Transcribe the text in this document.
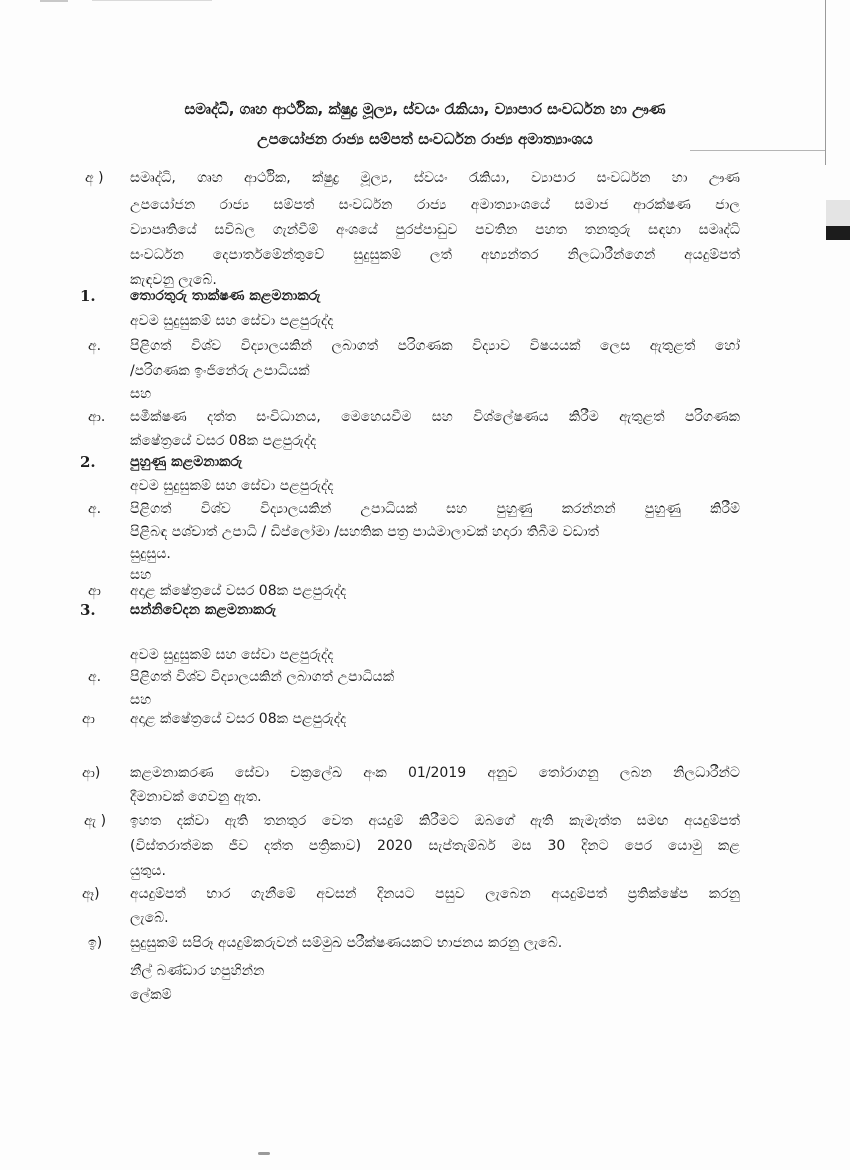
සමෘද්ධි, ගෘහ ආර්ථික, ක්ෂුද්‍ර මූල්‍ය, ස්වයං රැකියා, ව්‍යාපාර සංවර්ධන හා ඌණ
උපයෝජන රාජ්‍ය සම්පත් සංවර්ධන රාජ්‍ය අමාත්‍යාංශය
අ ) සමෘද්ධි, ගෘහ ආර්ථික, ක්ෂුද්‍ර මූල්‍ය, ස්වයං රැකියා, ව්‍යාපාර සංවර්ධන හා ඌණ
උපයෝජන රාජ්‍ය සම්පත් සංවර්ධන රාජ්‍ය අමාත්‍යාංශයේ සමාජ ආරක්ෂණ ජාල
ව්‍යාපෘතියේ සවිබල ගැන්වීම් අංශයේ පුරප්පාඩුව පවතින පහත තනතුරු සඳහා සමෘද්ධි
සංවර්ධන දෙපාර්තමේන්තුවේ සුදුසුකම් ලත් අභ්‍යන්තර නිලධාරීන්ගෙන් අයදුම්පත්
කැඳවනු ලැබේ.
1. තොරතුරු තාක්ෂණ කළමනාකරු
අවම සුදුසුකම් සහ සේවා පළපුරුද්ද
අ. පිළිගත් විශ්ව විද්‍යාලයකින් ලබාගත් පරිගණක විද්‍යාව විෂයයක් ලෙස ඇතුළත් හෝ
/පරිගණක ඉංජිනේරු උපාධියක්
සහ
ආ. සමීක්ෂණ දත්ත සංවිධානය, මෙහෙයවීම සහ විශ්ලේෂණය කිරීම ඇතුළත් පරිගණක
ක්ෂේත්‍රයේ වසර 08ක පළපුරුද්ද
2. පුහුණු කළමනාකරු
අවම සුදුසුකම් සහ සේවා පළපුරුද්ද
අ. පිළිගත් විශ්ව විද්‍යාලයකින් උපාධියක් සහ පුහුණු කරන්නන් පුහුණු කිරීම්
පිළිබඳ පශ්චාත් උපාධි / ඩිප්ලෝමා /සහතික පත්‍ර පාඨමාලාවක් හදාරා තිබීම වඩාත්
සුදුසුය.
සහ
ආ අදාළ ක්ෂේත්‍රයේ වසර 08ක පළපුරුද්ද
3. සන්නිවේදන කළමනාකරු
අවම සුදුසුකම් සහ සේවා පළපුරුද්ද
අ. පිළිගත් විශ්ව විද්‍යාලයකින් ලබාගත් උපාධියක්
සහ
ආ	අදාළ ක්ෂේත්‍රයේ වසර 08ක පළපුරුද්ද
ආ) කළමනාකරණ සේවා චක්‍රලේඛ අංක 01/2019 අනුව තෝරාගනු ලබන නිලධාරීන්ට
දීමනාවක් ගෙවනු ඇත.
ඇ ) ඉහත දක්වා ඇති තනතුර වෙත අයදුම් කිරීමට ඔබගේ ඇති කැමැත්ත සමඟ අයදුම්පත්
(විස්තරාත්මක ජීව දත්ත පත්‍රිකාව) 2020 සැප්තැම්බර් මස 30 දිනට පෙර යොමු කළ
යුතුය.
ඈ) අයදුම්පත් භාර ගැනීමේ අවසන් දිනයට පසුව ලැබෙන අයදුම්පත් ප්‍රතික්ෂේප කරනු
ලැබේ.
ඉ) සුදුසුකම් සපිරූ අයදුම්කරුවන් සම්මුඛ පරීක්ෂණයකට භාජනය කරනු ලැබේ.
නීල් බණ්ඩාර හපුහින්න
ලේකම්
